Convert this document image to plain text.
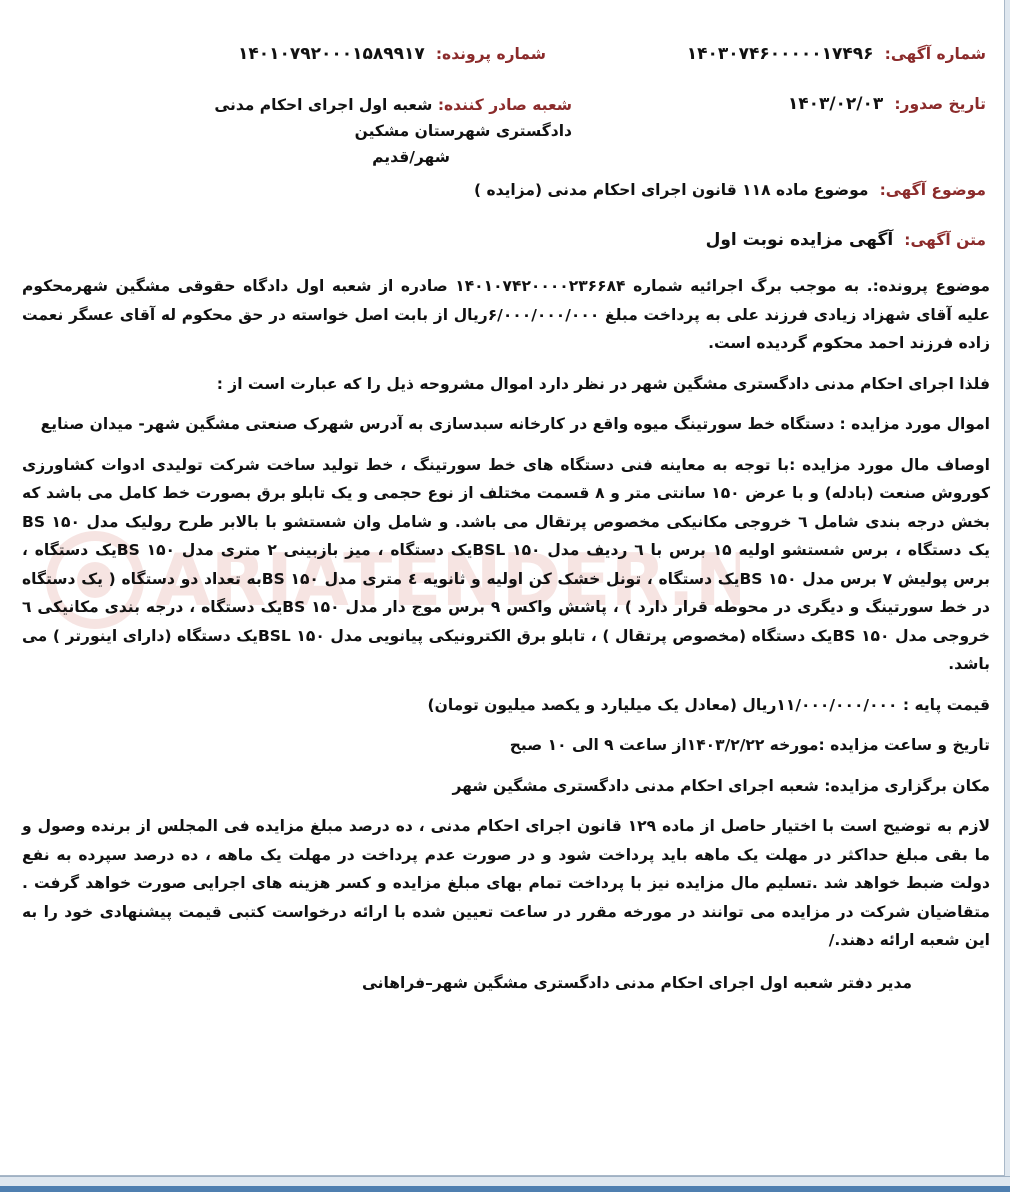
ARIATENDER.N
شماره آگهی: ۱۴۰۳۰۷۴۶۰۰۰۰۰۱۷۴۹۶
شماره پرونده: ۱۴۰۱۰۷۹۲۰۰۰۱۵۸۹۹۱۷
تاریخ صدور: ۱۴۰۳/۰۲/۰۳
شعبه صادر کننده: شعبه اول اجرای احکام مدنی دادگستری شهرستان مشکین
شهر/قدیم
موضوع آگهی: موضوع ماده ۱۱۸ قانون اجرای احکام مدنی (مزایده )
متن آگهی: آگهی مزایده نوبت اول

موضوع پرونده:. به موجب برگ اجرائیه شماره ۱۴۰۱۰۷۴۲۰۰۰۰۲۳۶۶۸۴ صادره از شعبه اول دادگاه حقوقی مشگین شهرمحکوم علیه آقای شهزاد زیادی فرزند علی به پرداخت مبلغ ۶/۰۰۰/۰۰۰/۰۰۰ریال از بابت اصل خواسته در حق محکوم له آقای عسگر نعمت زاده فرزند احمد محکوم گردیده است.

فلذا اجرای احکام مدنی دادگستری مشگین شهر در نظر دارد اموال مشروحه ذیل را که عبارت است از :

اموال مورد مزایده : دستگاه خط سورتینگ میوه واقع در کارخانه سبدسازی به آدرس شهرک صنعتی مشگین شهر- میدان صنایع

اوصاف مال مورد مزایده :با توجه به معاینه فنی دستگاه های خط سورتینگ ، خط تولید ساخت شرکت تولیدی ادوات کشاورزی کوروش صنعت (بادله) و با عرض ۱۵۰ سانتی متر و ۸ قسمت مختلف از نوع حجمی و یک تابلو برق بصورت خط کامل می باشد که بخش درجه بندی شامل ٦ خروجی مکانیکی مخصوص پرتقال می باشد. و شامل وان شستشو با بالابر طرح رولیک مدل BS ۱۵۰ یک دستگاه ، برس شستشو اولیه ۱۵ برس با ٦ ردیف مدل ۱۵۰ BSLیک دستگاه ، میز بازبینی ۲ متری مدل ۱۵۰ BSیک دستگاه ، برس پولیش ۷ برس مدل ۱۵۰ BSیک دستگاه ، تونل خشک کن اولیه و ثانویه ٤ متری مدل ۱۵۰ BSبه تعداد دو دستگاه ( یک دستگاه در خط سورتینگ و دیگری در محوطه قرار دارد ) ، پاشش واکس ۹ برس موج دار مدل ۱۵۰ BSیک دستگاه ، درجه بندی مکانیکی ٦ خروجی مدل ۱۵۰ BSیک دستگاه (مخصوص پرتقال ) ، تابلو برق الکترونیکی پیانویی مدل ۱۵۰ BSLیک دستگاه (دارای اینورتر ) می باشد.

قیمت پایه : ۱۱/۰۰۰/۰۰۰/۰۰۰ریال (معادل یک میلیارد و یکصد میلیون تومان)

تاریخ و ساعت مزایده :مورخه ۱۴۰۳/۲/۲۲از ساعت ۹ الی ۱۰ صبح

مکان برگزاری مزایده: شعبه اجرای احکام مدنی دادگستری مشگین شهر

لازم به توضیح است با اختیار حاصل از ماده ۱۲۹ قانون اجرای احکام مدنی ، ده درصد مبلغ مزایده فی المجلس از برنده وصول و ما بقی مبلغ حداکثر در مهلت یک ماهه باید پرداخت شود و در صورت عدم پرداخت در مهلت یک ماهه ، ده درصد سپرده به نفع دولت ضبط خواهد شد .تسلیم مال مزایده نیز با پرداخت تمام بهای مبلغ مزایده و کسر هزینه های اجرایی صورت خواهد گرفت . متقاضیان شرکت در مزایده می توانند در مورخه مقرر در ساعت تعیین شده با ارائه درخواست کتبی قیمت پیشنهادی خود را به این شعبه ارائه دهند./

مدیر دفتر شعبه اول اجرای احکام مدنی دادگستری مشگین شهر–فراهانی
